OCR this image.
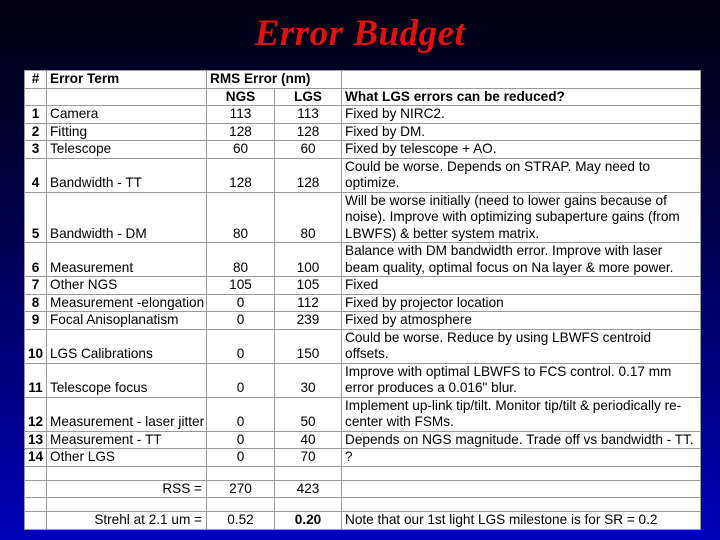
Error Budget
#	Error Term	RMS Error (nm)		
		NGS	LGS	What LGS errors can be reduced?
1	Camera	113	113	Fixed by NIRC2.
2	Fitting	128	128	Fixed by DM.
3	Telescope	60	60	Fixed by telescope + AO.
4	Bandwidth - TT	128	128	Could be worse. Depends on STRAP. May need to optimize.
5	Bandwidth - DM	80	80	Will be worse initially (need to lower gains because of noise). Improve with optimizing subaperture gains (from LBWFS) & better system matrix.
6	Measurement	80	100	Balance with DM bandwidth error. Improve with laser beam quality, optimal focus on Na layer & more power.
7	Other NGS	105	105	Fixed
8	Measurement -elongation	0	112	Fixed by projector location
9	Focal Anisoplanatism	0	239	Fixed by atmosphere
10	LGS Calibrations	0	150	Could be worse. Reduce by using LBWFS centroid offsets.
11	Telescope focus	0	30	Improve with optimal LBWFS to FCS control. 0.17 mm error produces a 0.016" blur.
12	Measurement - laser jitter	0	50	Implement up-link tip/tilt. Monitor tip/tilt & periodically re-center with FSMs.
13	Measurement - TT	0	40	Depends on NGS magnitude. Trade off vs bandwidth - TT.
14	Other LGS	0	70	?

	RSS =	270	423	

	Strehl at 2.1 um =	0.52	0.20	Note that our 1st light LGS milestone is for SR = 0.2
